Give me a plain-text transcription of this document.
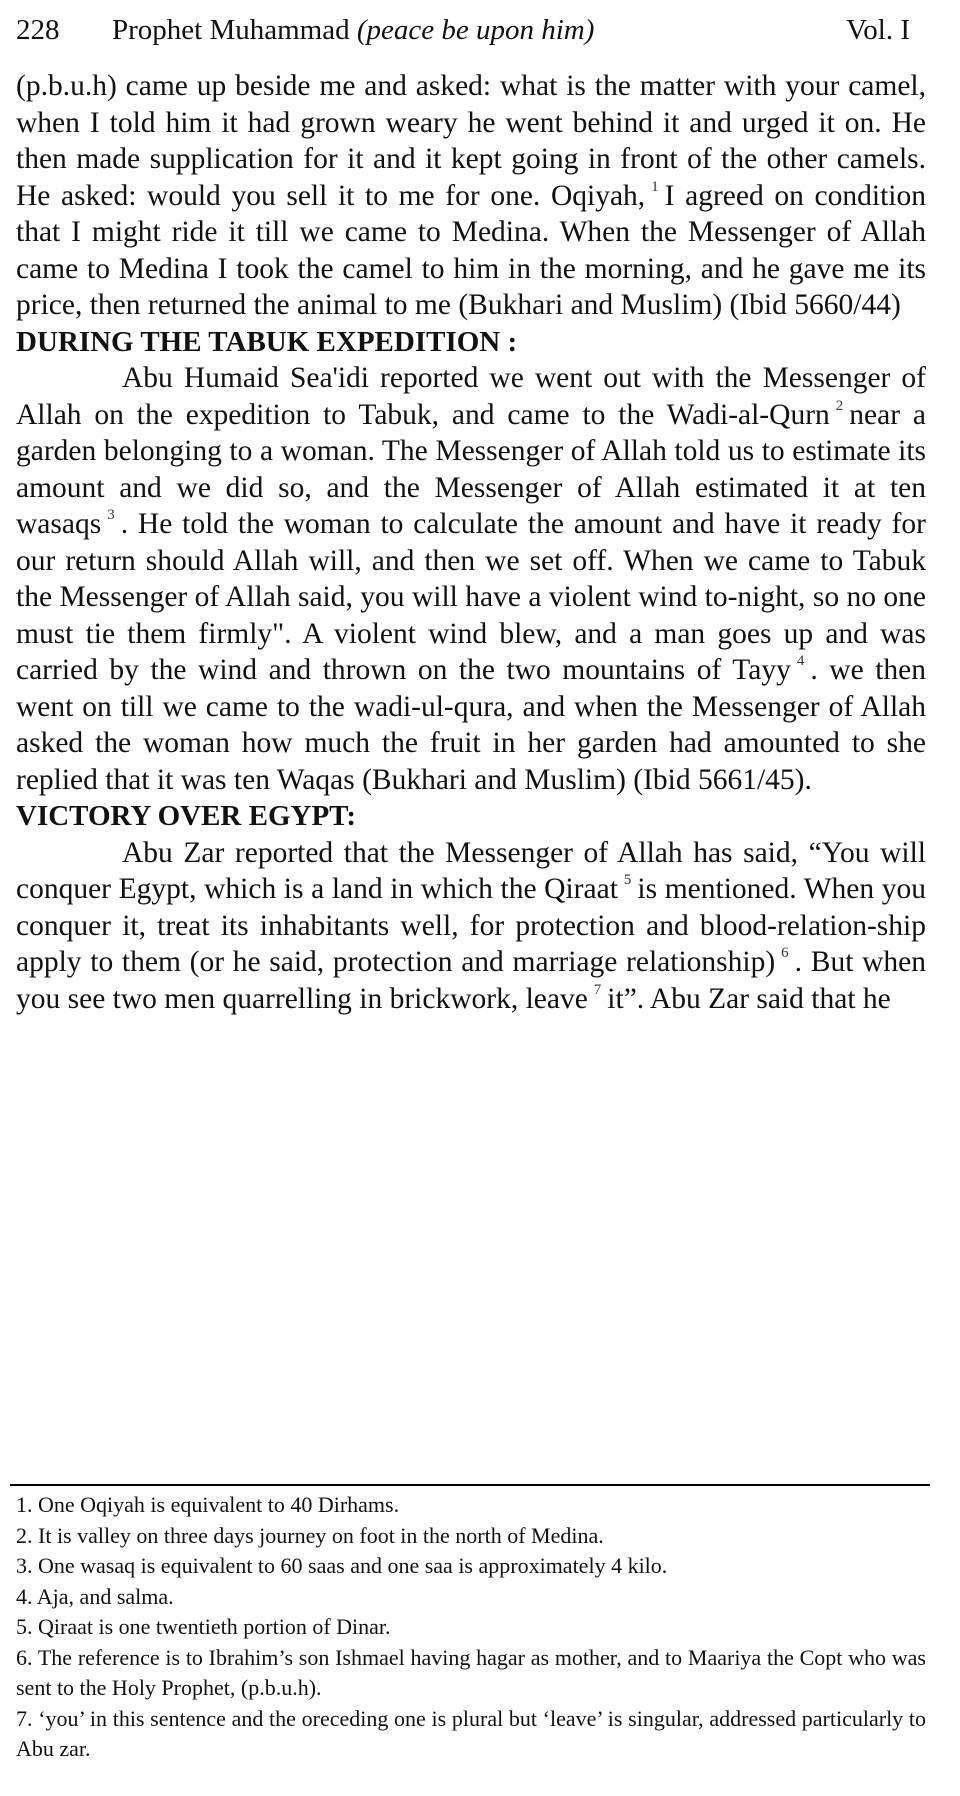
228 Prophet Muhammad (peace be upon him)	Vol. I

(p.b.u.h) came up beside me and asked: what is the matter with your camel, when I told him it had grown weary he went behind it and urged it on. He then made supplication for it and it kept going in front of the other camels. He asked: would you sell it to me for one. Oqiyah, $^1$ I agreed on condition that I might ride it till we came to Medina. When the Messenger of Allah came to Medina I took the camel to him in the morning, and he gave me its price, then returned the animal to me (Bukhari and Muslim) (Ibid 5660/44)

DURING THE TABUK EXPEDITION :

Abu Humaid Sea'idi reported we went out with the Messenger of Allah on the expedition to Tabuk, and came to the Wadi-al-Qurn $^2$ near a garden belonging to a woman. The Messenger of Allah told us to estimate its amount and we did so, and the Messenger of Allah estimated it at ten wasaqs $^3$ . He told the woman to calculate the amount and have it ready for our return should Allah will, and then we set off. When we came to Tabuk the Messenger of Allah said, you will have a violent wind to-night, so no one must tie them firmly". A violent wind blew, and a man goes up and was carried by the wind and thrown on the two mountains of Tayy $^4$ . we then went on till we came to the wadi-ul-qura, and when the Messenger of Allah asked the woman how much the fruit in her garden had amounted to she replied that it was ten Waqas (Bukhari and Muslim) (Ibid 5661/45).

VICTORY OVER EGYPT:

Abu Zar reported that the Messenger of Allah has said, “You will conquer Egypt, which is a land in which the Qiraat $^5$ is mentioned. When you conquer it, treat its inhabitants well, for protection and blood-relation-ship apply to them (or he said, protection and marriage relationship) $^6$ . But when you see two men quarrelling in brickwork, leave $^7$ it”. Abu Zar said that he

1. One Oqiyah is equivalent to 40 Dirhams.

2. It is valley on three days journey on foot in the north of Medina.

3. One wasaq is equivalent to 60 saas and one saa is approximately 4 kilo.

4. Aja, and salma.

5. Qiraat is one twentieth portion of Dinar.

6. The reference is to Ibrahim’s son Ishmael having hagar as mother, and to Maariya the Copt who was sent to the Holy Prophet, (p.b.u.h).

7. ‘you’ in this sentence and the oreceding one is plural but ‘leave’ is singular, addressed particularly to Abu zar.
